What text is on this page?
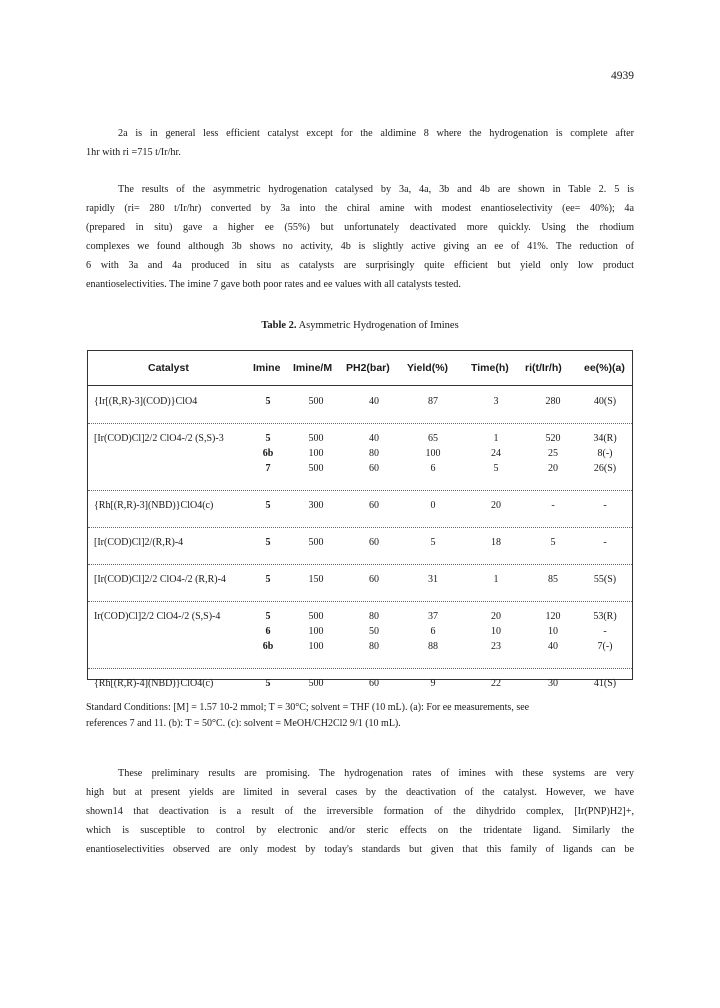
4939
2a is in general less efficient catalyst except for the aldimine 8 where the hydrogenation is complete after
1hr with ri =715 t/Ir/hr.
The results of the asymmetric hydrogenation catalysed by 3a, 4a, 3b and 4b are shown in Table 2. 5 is
rapidly (ri= 280 t/Ir/hr) converted by 3a into the chiral amine with modest enantioselectivity (ee= 40%); 4a
(prepared in situ) gave a higher ee (55%) but unfortunately deactivated more quickly. Using the rhodium
complexes we found although 3b shows no activity, 4b is slightly active giving an ee of 41%. The reduction of
6 with 3a and 4a produced in situ as catalysts are surprisingly quite efficient but yield only low product
enantioselectivities. The imine 7 gave both poor rates and ee values with all catalysts tested.
Table 2. Asymmetric Hydrogenation of Imines
Catalyst	Imine Imine/M PH2(bar) Yield(%) Time(h) ri(t/Ir/h) ee(%)(a)
{Ir[(R,R)-3](COD)}ClO4	5	500	40	87	3	280	40(S)
[Ir(COD)Cl]2/2 ClO4-/2 (S,S)-3	5	500	40	65	1	520	34(R)
6b	100	80	100	24	25	8(-)
7	500	60	6	5	20	26(S)
{Rh[(R,R)-3](NBD)}ClO4(c)	5	300	60	0	20	-	-
[Ir(COD)Cl]2/(R,R)-4	5	500	60	5	18	5	-
[Ir(COD)Cl]2/2 ClO4-/2 (R,R)-4	5	150	60	31	1	85	55(S)
Ir(COD)Cl]2/2 ClO4-/2 (S,S)-4	5	500	80	37	20	120	53(R)
6	100	50	6	10	10	-
6b	100	80	88	23	40	7(-)
{Rh[(R,R)-4](NBD)}ClO4(c)	5	500	60	9	22	30	41(S)
Standard Conditions: [M] = 1.57 10-2 mmol; T = 30°C; solvent = THF (10 mL). (a): For ee measurements, see
references 7 and 11. (b): T = 50°C. (c): solvent = MeOH/CH2Cl2 9/1 (10 mL).
These preliminary results are promising. The hydrogenation rates of imines with these systems are very
high but at present yields are limited in several cases by the deactivation of the catalyst. However, we have
shown14 that deactivation is a result of the irreversible formation of the dihydrido complex, [Ir(PNP)H2]+,
which is susceptible to control by electronic and/or steric effects on the tridentate ligand. Similarly the
enantioselectivities observed are only modest by today's standards but given that this family of ligands can be
